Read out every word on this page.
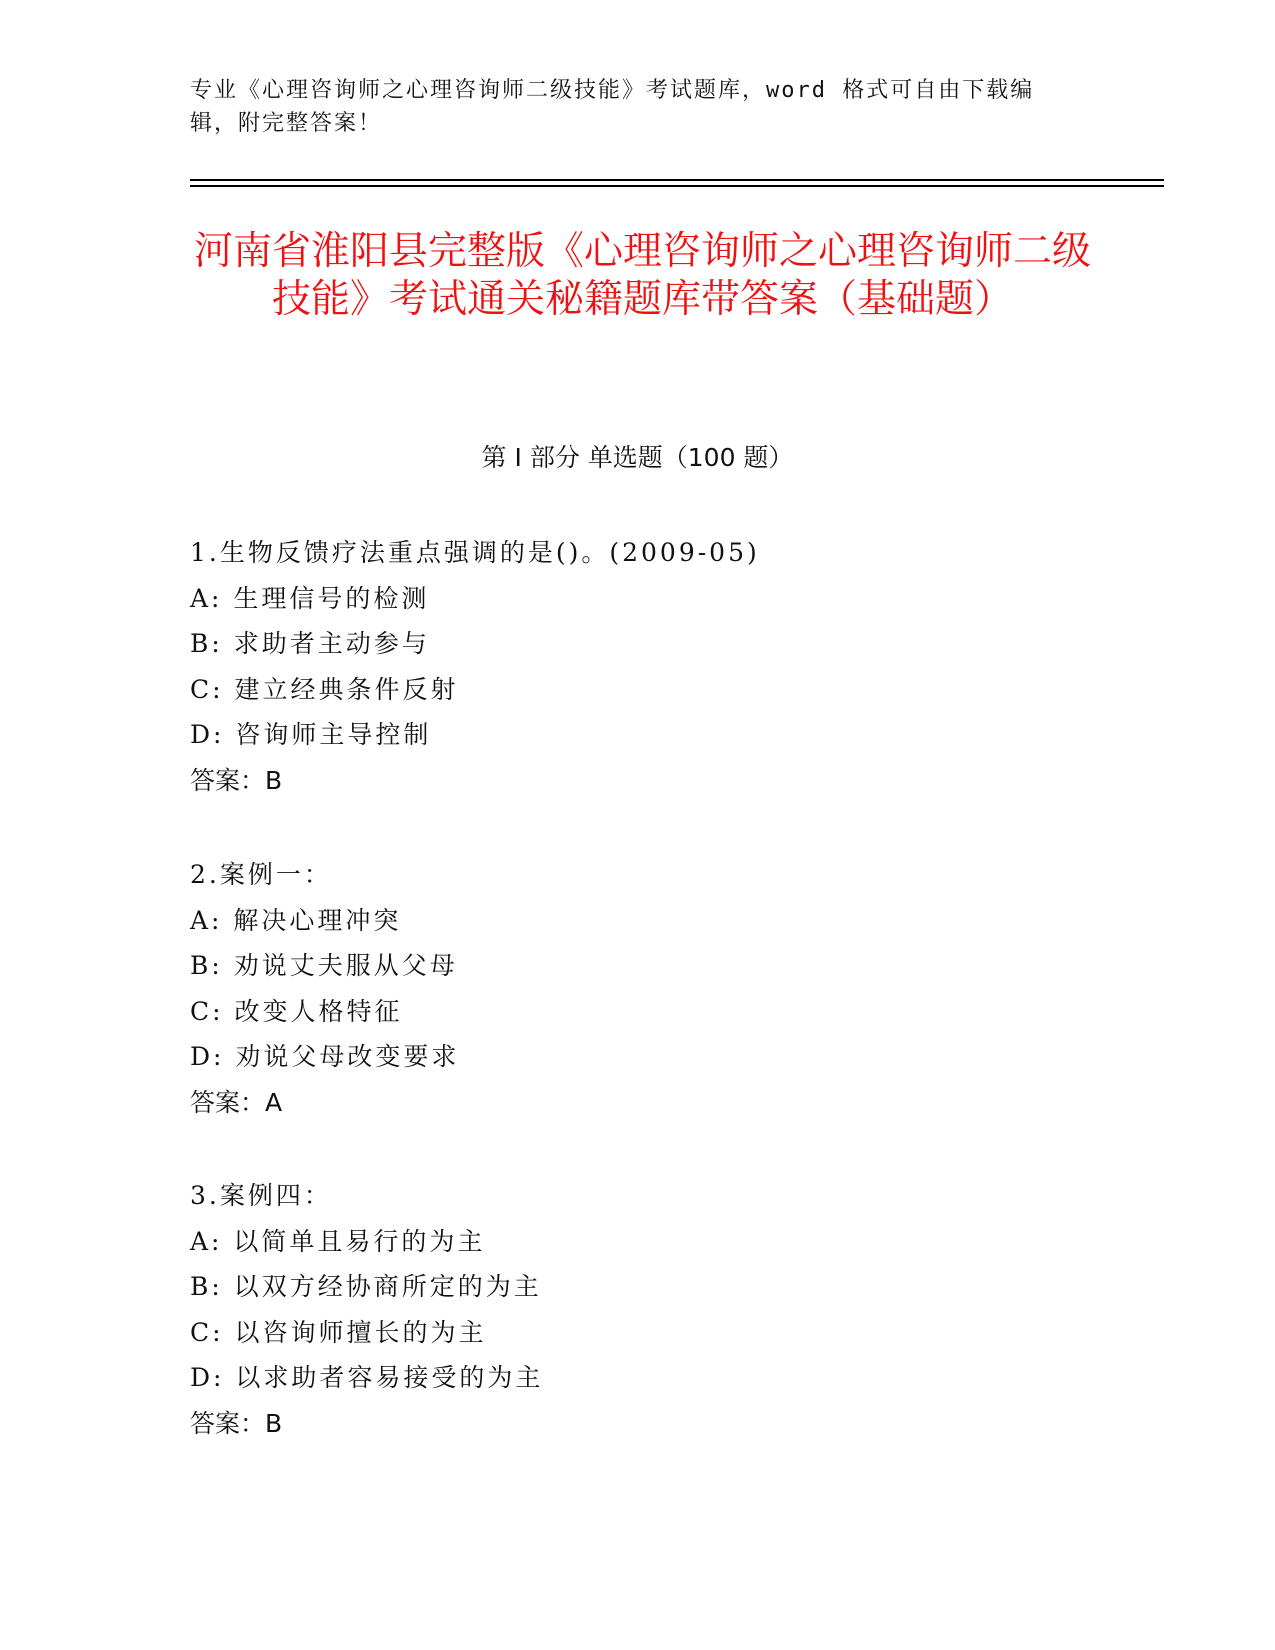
专业《心理咨询师之心理咨询师二级技能》考试题库，word 格式可自由下载编辑，附完整答案！
河南省淮阳县完整版《心理咨询师之心理咨询师二级技能》考试通关秘籍题库带答案（基础题）
第 I 部分 单选题（100 题）
1.生物反馈疗法重点强调的是()。(2009-05)
A: 生理信号的检测
B: 求助者主动参与
C: 建立经典条件反射
D: 咨询师主导控制
答案：B
2.案例一：
A: 解决心理冲突
B: 劝说丈夫服从父母
C: 改变人格特征
D: 劝说父母改变要求
答案：A
3.案例四：
A: 以简单且易行的为主
B: 以双方经协商所定的为主
C: 以咨询师擅长的为主
D: 以求助者容易接受的为主
答案：B
